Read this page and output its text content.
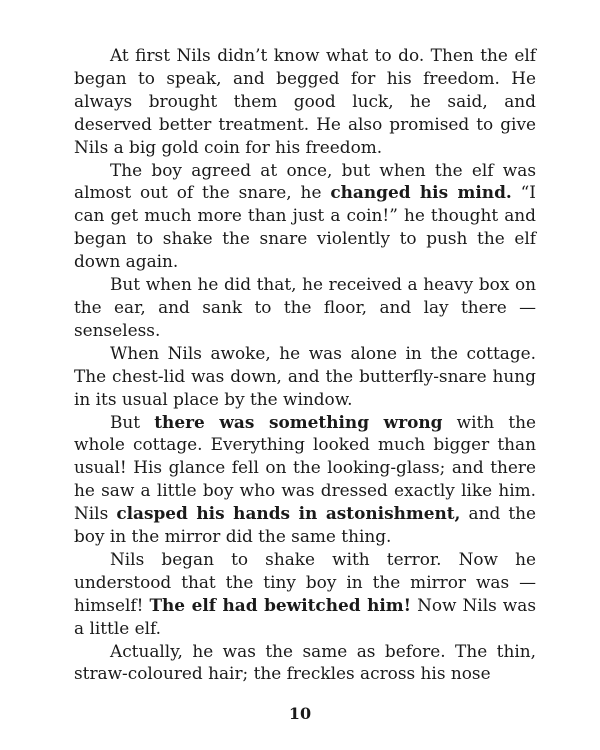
At first Nils didn’t know what to do. Then the elf began to speak, and begged for his freedom. He always brought them good luck, he said, and deserved better treatment. He also promised to give Nils a big gold coin for his freedom.

The boy agreed at once, but when the elf was almost out of the snare, he changed his mind. “I can get much more than just a coin!” he thought and began to shake the snare violently to push the elf down again.

But when he did that, he received a heavy box on the ear, and sank to the floor, and lay there — senseless.

When Nils awoke, he was alone in the cottage. The chest-lid was down, and the butterfly-snare hung in its usual place by the window.

But there was something wrong with the whole cottage. Everything looked much bigger than usual! His glance fell on the looking-glass; and there he saw a little boy who was dressed exactly like him. Nils clasped his hands in astonishment, and the boy in the mirror did the same thing.

Nils began to shake with terror. Now he understood that the tiny boy in the mirror was — himself! The elf had bewitched him! Now Nils was a little elf.

Actually, he was the same as before. The thin, straw-coloured hair; the freckles across his nose

10
